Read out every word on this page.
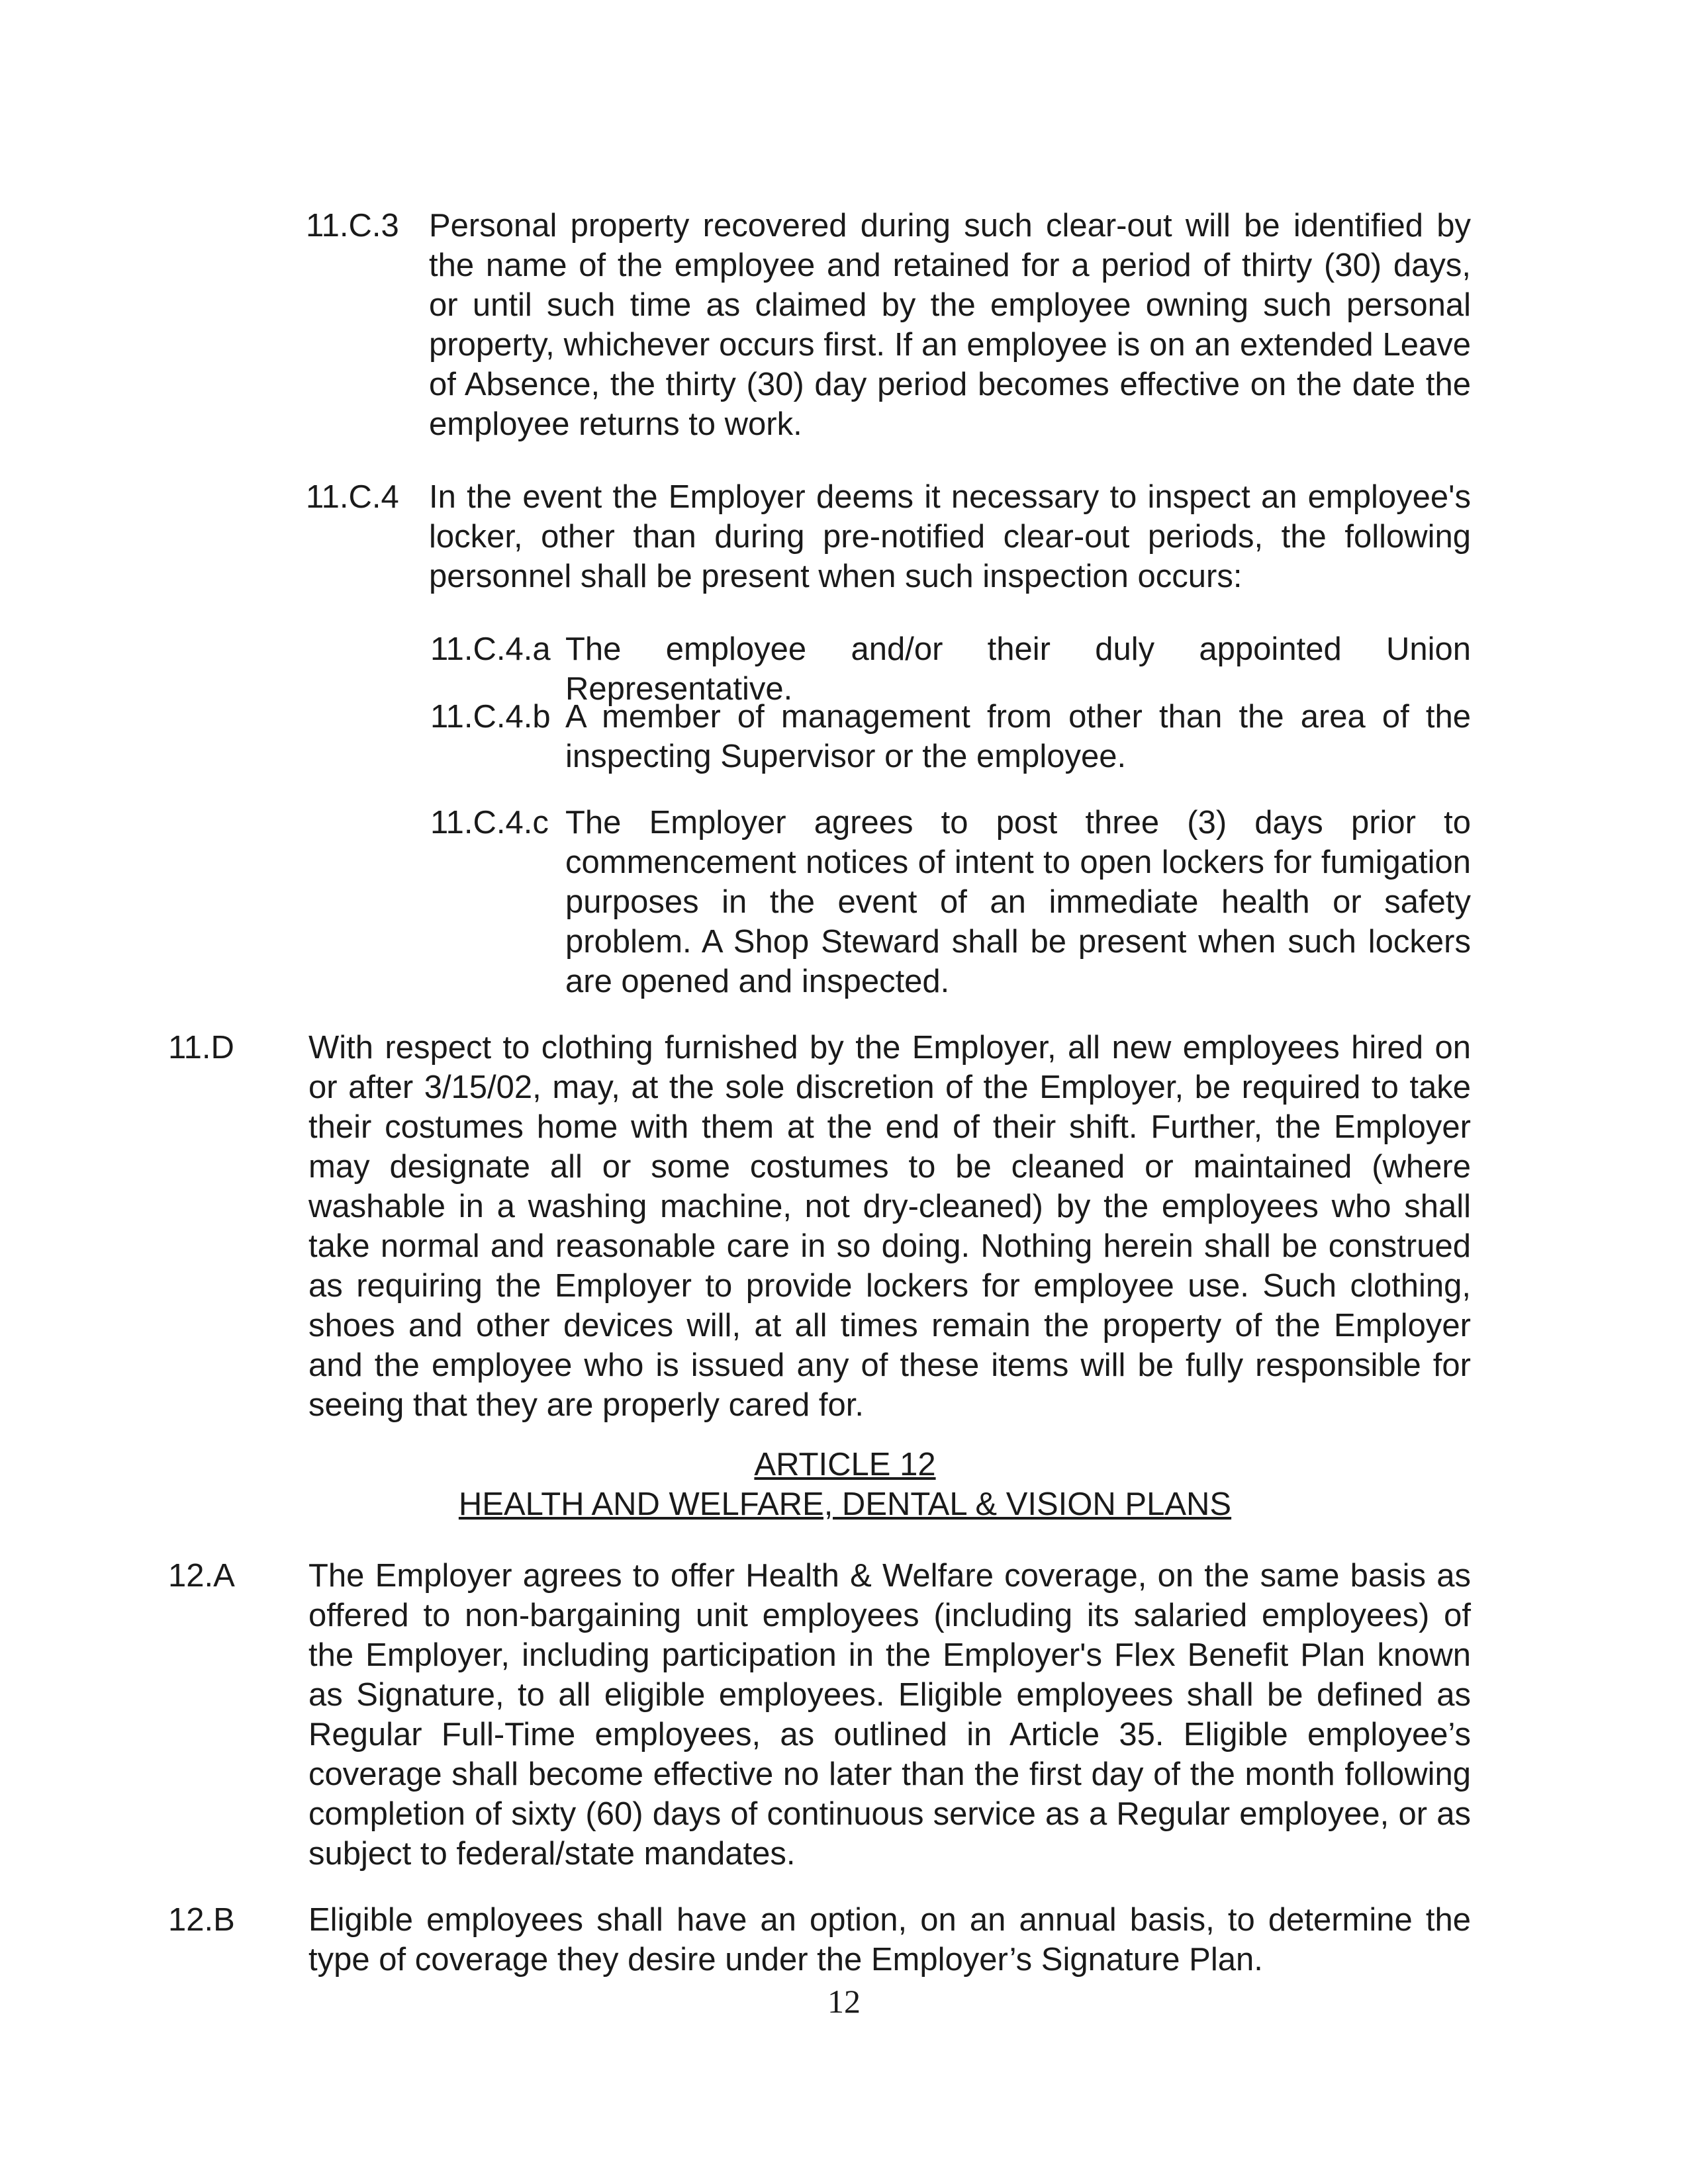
11.C.3 Personal property recovered during such clear-out will be identified by the name of the employee and retained for a period of thirty (30) days, or until such time as claimed by the employee owning such personal property, whichever occurs first. If an employee is on an extended Leave of Absence, the thirty (30) day period becomes effective on the date the employee returns to work.
11.C.4 In the event the Employer deems it necessary to inspect an employee's locker, other than during pre-notified clear-out periods, the following personnel shall be present when such inspection occurs:
11.C.4.a The employee and/or their duly appointed Union Representative.
11.C.4.b A member of management from other than the area of the inspecting Supervisor or the employee.
11.C.4.c The Employer agrees to post three (3) days prior to commencement notices of intent to open lockers for fumigation purposes in the event of an immediate health or safety problem. A Shop Steward shall be present when such lockers are opened and inspected.
11.D With respect to clothing furnished by the Employer, all new employees hired on or after 3/15/02, may, at the sole discretion of the Employer, be required to take their costumes home with them at the end of their shift. Further, the Employer may designate all or some costumes to be cleaned or maintained (where washable in a washing machine, not dry-cleaned) by the employees who shall take normal and reasonable care in so doing. Nothing herein shall be construed as requiring the Employer to provide lockers for employee use. Such clothing, shoes and other devices will, at all times remain the property of the Employer and the employee who is issued any of these items will be fully responsible for seeing that they are properly cared for.
ARTICLE 12
HEALTH AND WELFARE, DENTAL & VISION PLANS
12.A The Employer agrees to offer Health & Welfare coverage, on the same basis as offered to non-bargaining unit employees (including its salaried employees) of the Employer, including participation in the Employer's Flex Benefit Plan known as Signature, to all eligible employees. Eligible employees shall be defined as Regular Full-Time employees, as outlined in Article 35. Eligible employee’s coverage shall become effective no later than the first day of the month following completion of sixty (60) days of continuous service as a Regular employee, or as subject to federal/state mandates.
12.B Eligible employees shall have an option, on an annual basis, to determine the type of coverage they desire under the Employer’s Signature Plan.
12
